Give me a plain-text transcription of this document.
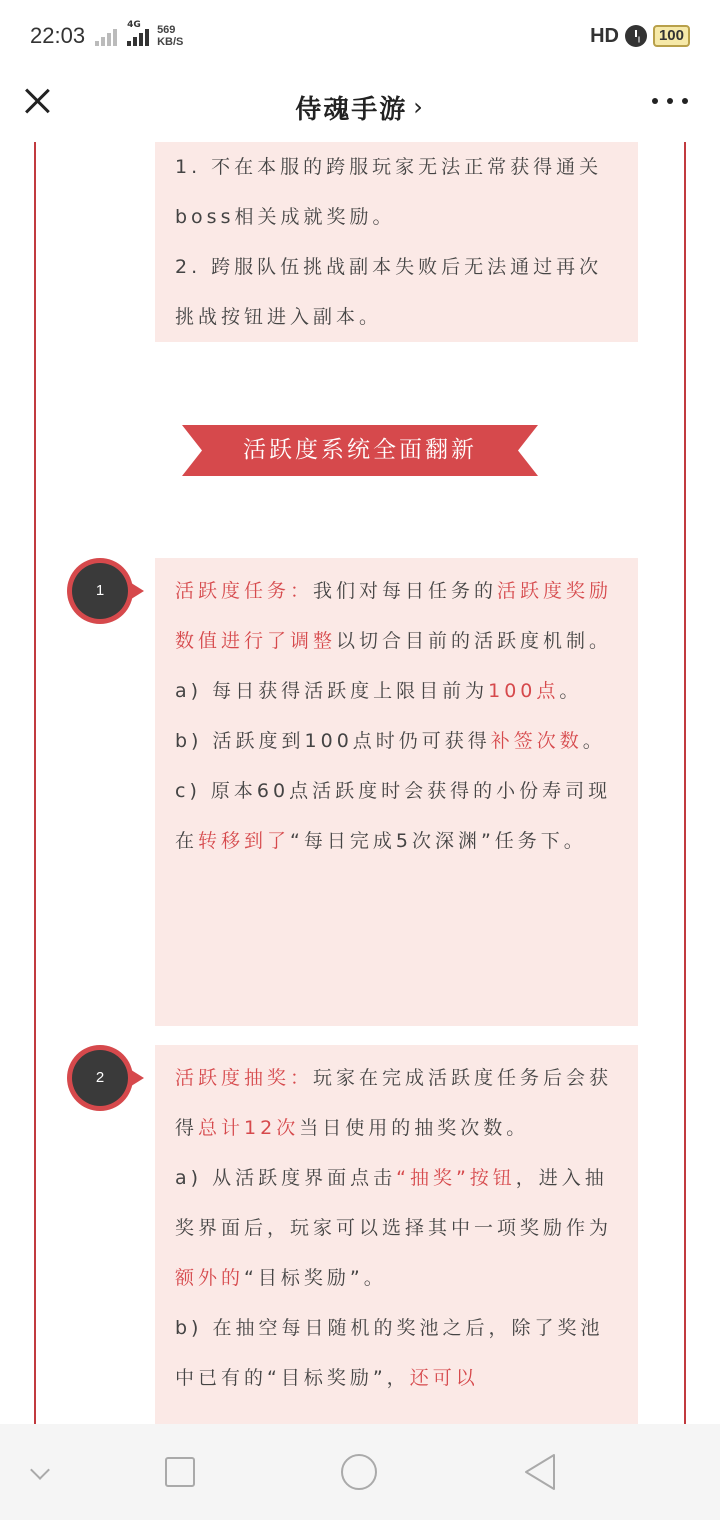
22:03	4G 569
KB/S	HD	100
侍魂手游 ›

1. 不在本服的跨服玩家无法正常获得通关boss相关成就奖励。

2. 跨服队伍挑战副本失败后无法通过再次挑战按钮进入副本。

活跃度系统全面翻新
1	活跃度任务：我们对每日任务的活跃度奖励数值进行了调整以切合目前的活跃度机制。

a) 每日获得活跃度上限目前为100点。

b) 活跃度到100点时仍可获得补签次数。

c) 原本60点活跃度时会获得的小份寿司现在转移到了“每日完成5次深渊”任务下。

2	活跃度抽奖：玩家在完成活跃度任务后会获得总计12次当日使用的抽奖次数。

a) 从活跃度界面点击“抽奖”按钮，进入抽奖界面后，玩家可以选择其中一项奖励作为额外的“目标奖励”。

b) 在抽空每日随机的奖池之后，除了奖池中已有的“目标奖励”，还可以
